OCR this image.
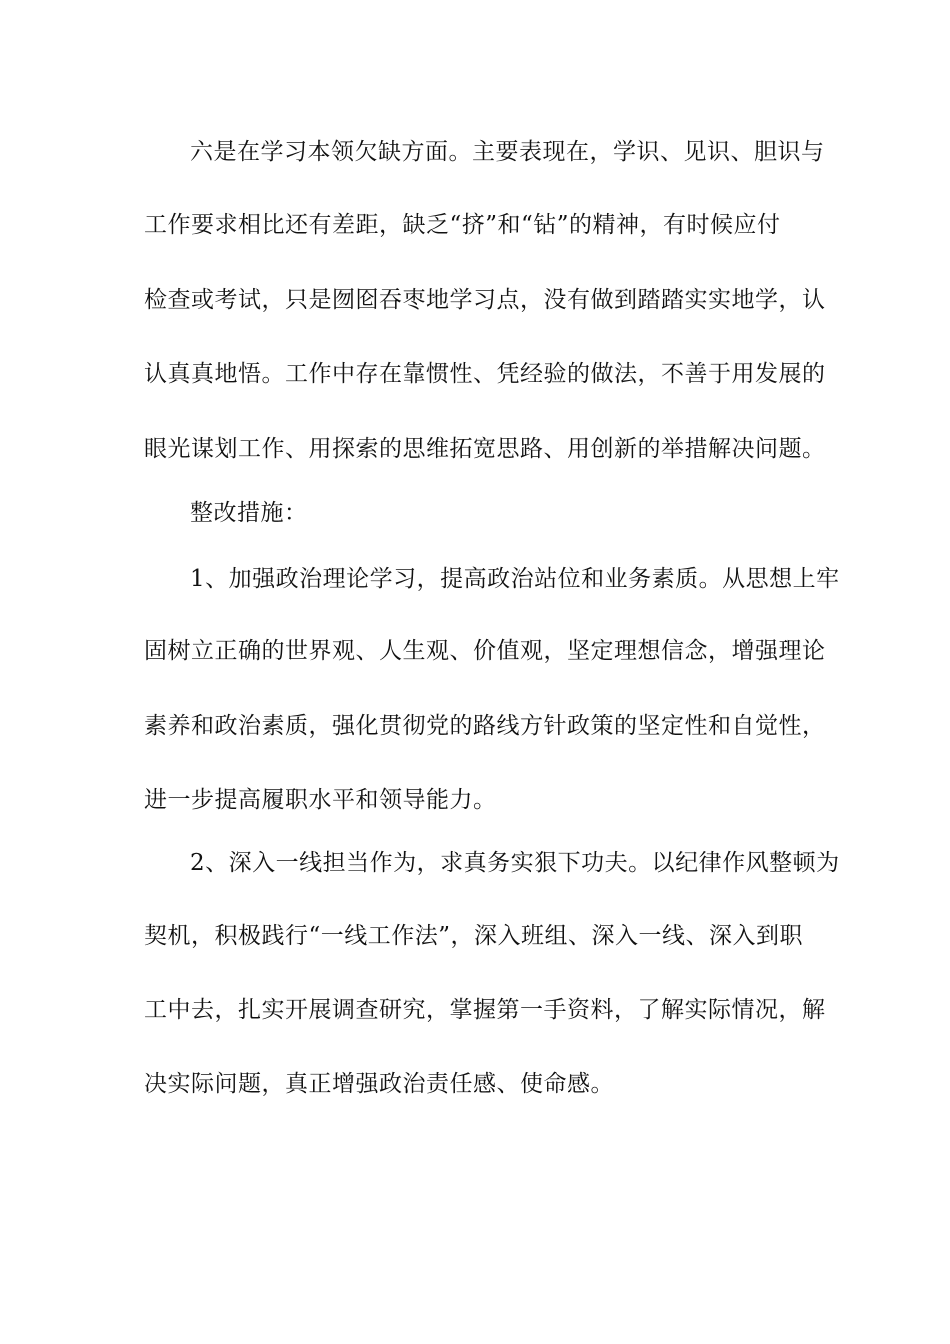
六是在学习本领欠缺方面。主要表现在，学识、见识、胆识与
工作要求相比还有差距，缺乏“挤”和“钻”的精神，有时候应付
检查或考试，只是囫囵吞枣地学习点，没有做到踏踏实实地学，认
认真真地悟。工作中存在靠惯性、凭经验的做法，不善于用发展的
眼光谋划工作、用探索的思维拓宽思路、用创新的举措解决问题。
整改措施：
1、加强政治理论学习，提高政治站位和业务素质。从思想上牢
固树立正确的世界观、人生观、价值观，坚定理想信念，增强理论
素养和政治素质，强化贯彻党的路线方针政策的坚定性和自觉性，
进一步提高履职水平和领导能力。
2、深入一线担当作为，求真务实狠下功夫。以纪律作风整顿为
契机，积极践行“一线工作法”，深入班组、深入一线、深入到职
工中去，扎实开展调查研究，掌握第一手资料，了解实际情况，解
决实际问题，真正增强政治责任感、使命感。
